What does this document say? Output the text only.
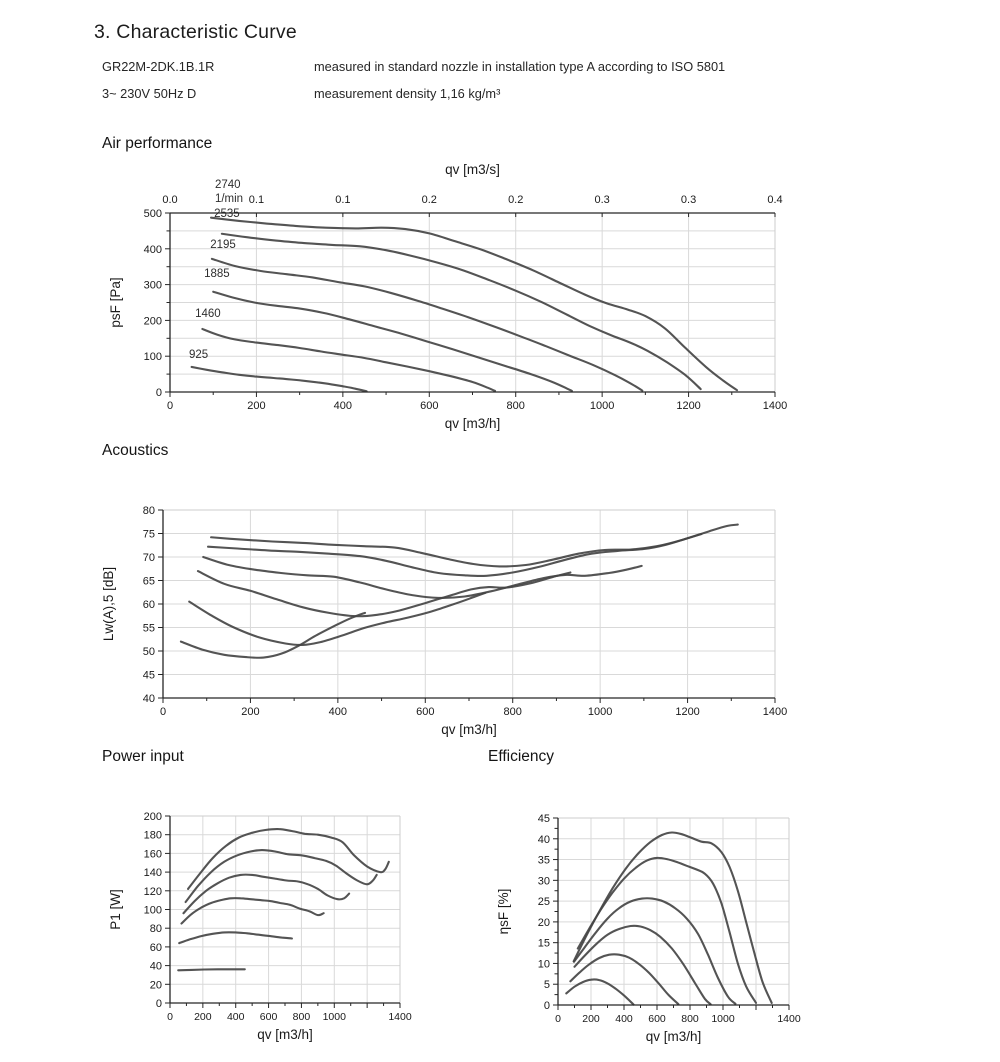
3. Characteristic Curve
GR22M-2DK.1B.1R	measured in standard nozzle in installation type A according to ISO 5801
3~ 230V 50Hz D	measurement density 1,16 kg/m³
Air performance
Acoustics
Power input	Efficiency
2740
1/min
2535
2195
1885
1460
925
0	200	400	600	800	1000	1200	1400
0
100
200
300
400
500
qv [m3/h]
psF [Pa]
0.0	0.1	0.1	0.2	0.2	0.3	0.3	0.4
qv [m3/s]
0	200	400	600	800	1000	1200	1400
40
45
50
55
60
65
70
75
80
qv [m3/h]
Lw(A),5 [dB]
0 200 400 600 800 1000	1400
0
20
40
60
80
100
120
140
160
180
200
qv [m3/h]
P1 [W]
0 200 400 600 800 1000	1400
0
5
10
15
20
25
30
35
40
45
qv [m3/h]
ηsF [%]
